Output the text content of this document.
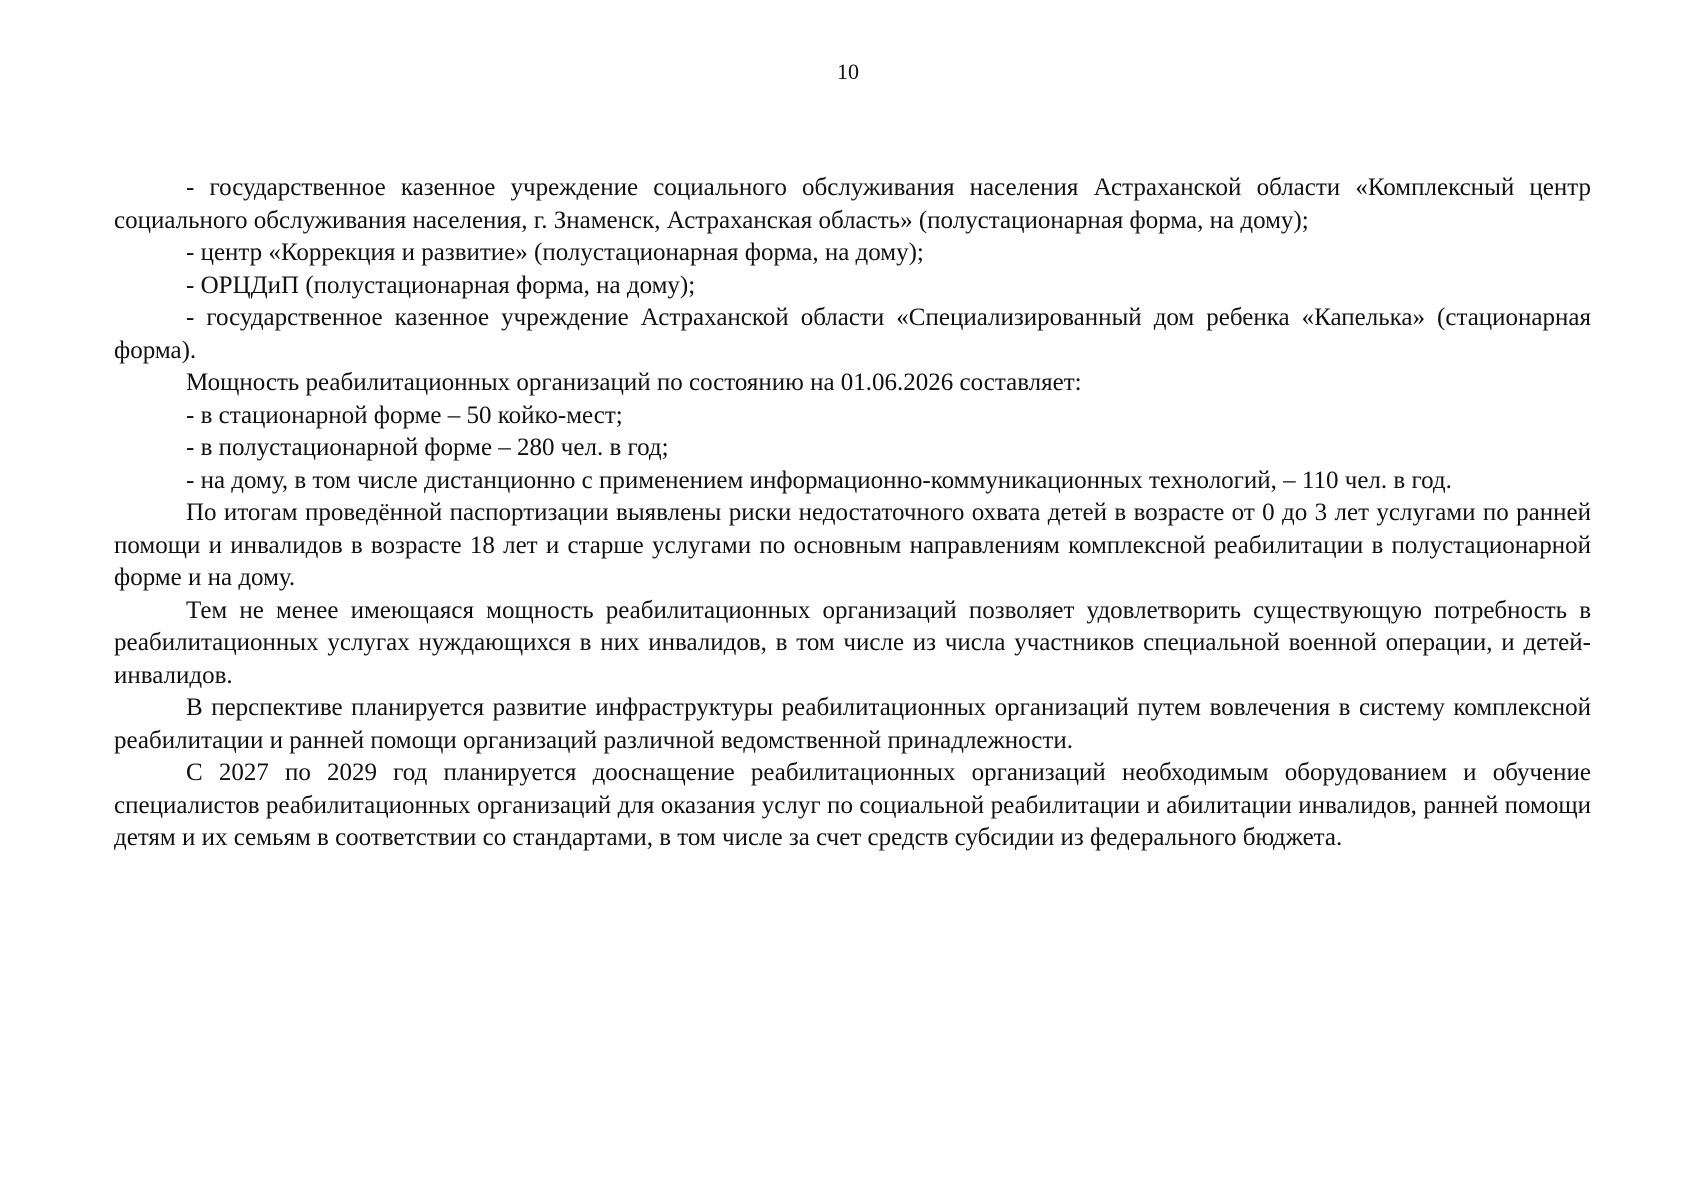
10

- государственное казенное учреждение социального обслуживания населения Астраханской области «Комплексный центр социального обслуживания населения, г. Знаменск, Астраханская область» (полустационарная форма, на дому);

- центр «Коррекция и развитие» (полустационарная форма, на дому);

- ОРЦДиП (полустационарная форма, на дому);

- государственное казенное учреждение Астраханской области «Специализированный дом ребенка «Капелька» (стационарная форма).

Мощность реабилитационных организаций по состоянию на 01.06.2026 составляет:

- в стационарной форме – 50 койко-мест;

- в полустационарной форме – 280 чел. в год;

- на дому, в том числе дистанционно с применением информационно-коммуникационных технологий, – 110 чел. в год.

По итогам проведённой паспортизации выявлены риски недостаточного охвата детей в возрасте от 0 до 3 лет услугами по ранней помощи и инвалидов в возрасте 18 лет и старше услугами по основным направлениям комплексной реабилитации в полустационарной форме и на дому.

Тем не менее имеющаяся мощность реабилитационных организаций позволяет удовлетворить существующую потребность в реабилитационных услугах нуждающихся в них инвалидов, в том числе из числа участников специальной военной операции, и детей-инвалидов.

В перспективе планируется развитие инфраструктуры реабилитационных организаций путем вовлечения в систему комплексной реабилитации и ранней помощи организаций различной ведомственной принадлежности.

С 2027 по 2029 год планируется дооснащение реабилитационных организаций необходимым оборудованием и обучение специалистов реабилитационных организаций для оказания услуг по социальной реабилитации и абилитации инвалидов, ранней помощи детям и их семьям в соответствии со стандартами, в том числе за счет средств субсидии из федерального бюджета.
